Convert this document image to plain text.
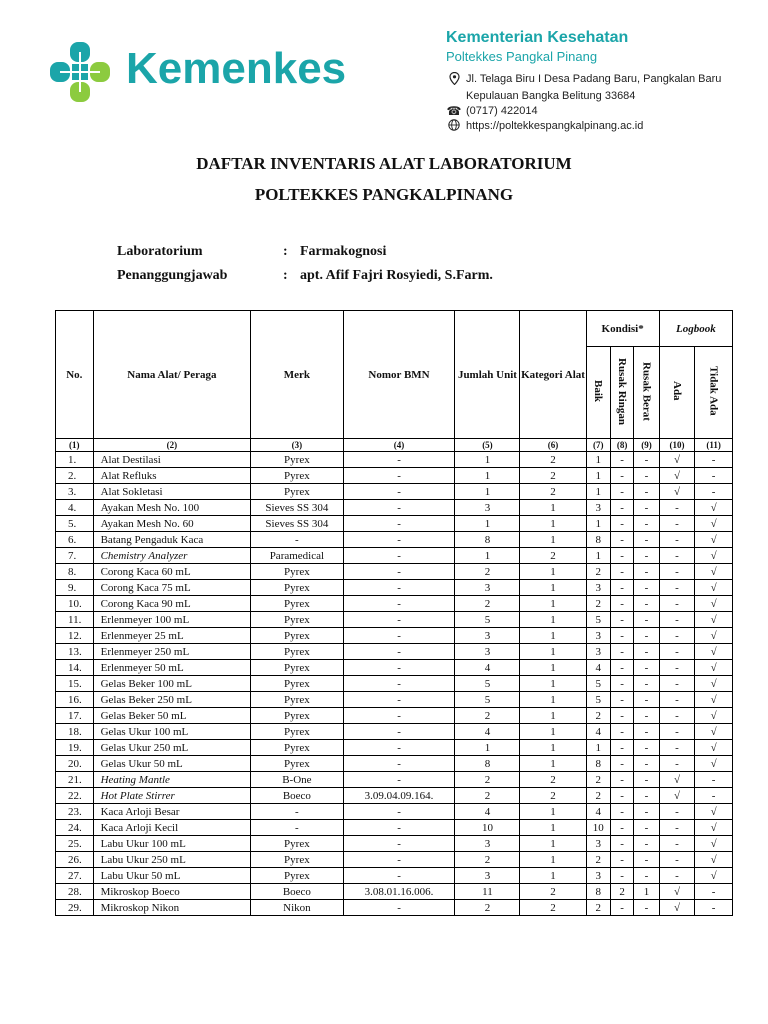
Kemenkes
Kementerian Kesehatan
Poltekkes Pangkal Pinang
Jl. Telaga Biru I Desa Padang Baru, Pangkalan Baru
Kepulauan Bangka Belitung 33684
☎ (0717) 422014
https://poltekkespangkalpinang.ac.id
DAFTAR INVENTARIS ALAT LABORATORIUM
POLTEKKES PANGKALPINANG
Laboratorium	: Farmakognosi
Penanggungjawab	: apt. Afif Fajri Rosyiedi, S.Farm.
No.	Nama Alat/ Peraga	Merk	Nomor BMN	Jumlah Unit	Kategori Alat	Kondisi*			Logbook	
						Baik	Rusak Ringan	Rusak Berat	Ada	Tidak Ada
(1)	(2)	(3)	(4)	(5)	(6)	(7)	(8)	(9)	(10)	(11)
1.	Alat Destilasi	Pyrex	-	1	2	1	-	-	√	-
2.	Alat Refluks	Pyrex	-	1	2	1	-	-	√	-
3.	Alat Sokletasi	Pyrex	-	1	2	1	-	-	√	-
4.	Ayakan Mesh No. 100	Sieves SS 304	-	3	1	3	-	-	-	√
5.	Ayakan Mesh No. 60	Sieves SS 304	-	1	1	1	-	-	-	√
6.	Batang Pengaduk Kaca	-	-	8	1	8	-	-	-	√
7.	Chemistry Analyzer	Paramedical	-	1	2	1	-	-	-	√
8.	Corong Kaca 60 mL	Pyrex	-	2	1	2	-	-	-	√
9.	Corong Kaca 75 mL	Pyrex	-	3	1	3	-	-	-	√
10.	Corong Kaca 90 mL	Pyrex	-	2	1	2	-	-	-	√
11.	Erlenmeyer 100 mL	Pyrex	-	5	1	5	-	-	-	√
12.	Erlenmeyer 25 mL	Pyrex	-	3	1	3	-	-	-	√
13.	Erlenmeyer 250 mL	Pyrex	-	3	1	3	-	-	-	√
14.	Erlenmeyer 50 mL	Pyrex	-	4	1	4	-	-	-	√
15.	Gelas Beker 100 mL	Pyrex	-	5	1	5	-	-	-	√
16.	Gelas Beker 250 mL	Pyrex	-	5	1	5	-	-	-	√
17.	Gelas Beker 50 mL	Pyrex	-	2	1	2	-	-	-	√
18.	Gelas Ukur 100 mL	Pyrex	-	4	1	4	-	-	-	√
19.	Gelas Ukur 250 mL	Pyrex	-	1	1	1	-	-	-	√
20.	Gelas Ukur 50 mL	Pyrex	-	8	1	8	-	-	-	√
21.	Heating Mantle	B-One	-	2	2	2	-	-	√	-
22.	Hot Plate Stirrer	Boeco	3.09.04.09.164.	2	2	2	-	-	√	-
23.	Kaca Arloji Besar	-	-	4	1	4	-	-	-	√
24.	Kaca Arloji Kecil	-	-	10	1	10	-	-	-	√
25.	Labu Ukur 100 mL	Pyrex	-	3	1	3	-	-	-	√
26.	Labu Ukur 250 mL	Pyrex	-	2	1	2	-	-	-	√
27.	Labu Ukur 50 mL	Pyrex	-	3	1	3	-	-	-	√
28.	Mikroskop Boeco	Boeco	3.08.01.16.006.	11	2	8	2	1	√	-
29.	Mikroskop Nikon	Nikon	-	2	2	2	-	-	√	-
